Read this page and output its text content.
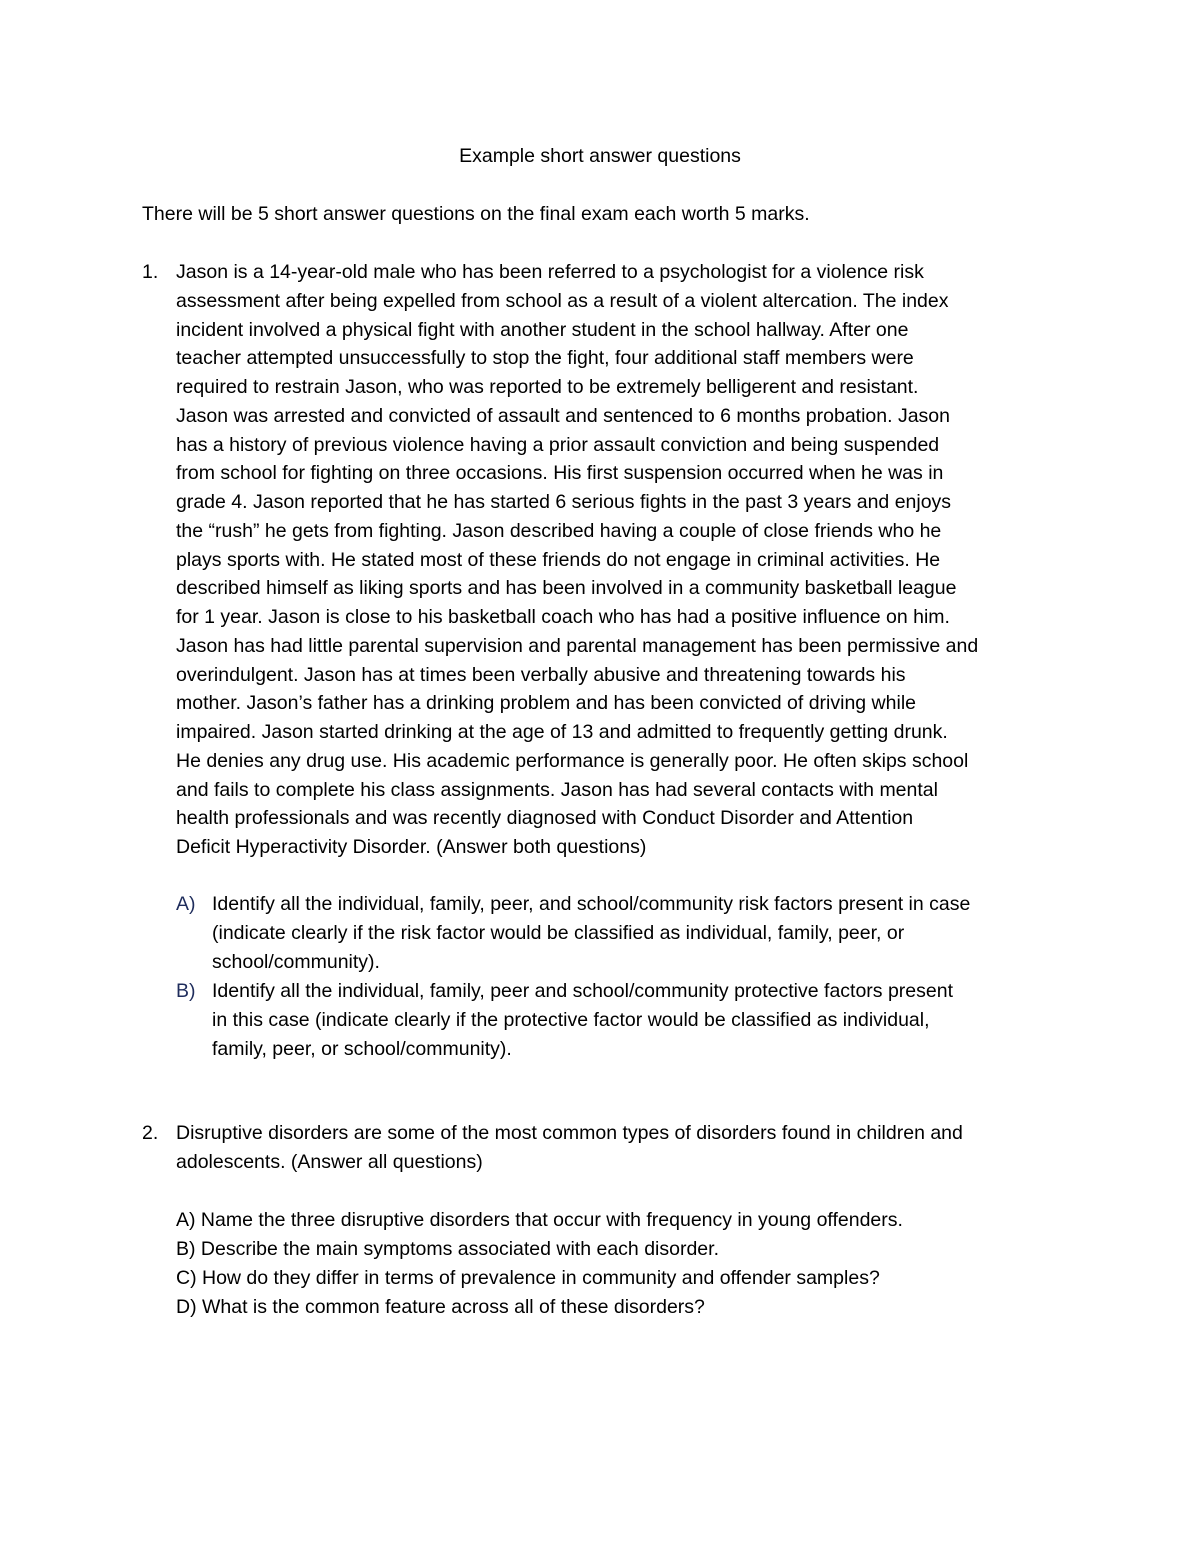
Example short answer questions
There will be 5 short answer questions on the final exam each worth 5 marks.
1. Jason is a 14-year-old male who has been referred to a psychologist for a violence risk
assessment after being expelled from school as a result of a violent altercation. The index
incident involved a physical fight with another student in the school hallway. After one
teacher attempted unsuccessfully to stop the fight, four additional staff members were
required to restrain Jason, who was reported to be extremely belligerent and resistant.
Jason was arrested and convicted of assault and sentenced to 6 months probation. Jason
has a history of previous violence having a prior assault conviction and being suspended
from school for fighting on three occasions. His first suspension occurred when he was in
grade 4. Jason reported that he has started 6 serious fights in the past 3 years and enjoys
the “rush” he gets from fighting. Jason described having a couple of close friends who he
plays sports with. He stated most of these friends do not engage in criminal activities. He
described himself as liking sports and has been involved in a community basketball league
for 1 year. Jason is close to his basketball coach who has had a positive influence on him.
Jason has had little parental supervision and parental management has been permissive and
overindulgent. Jason has at times been verbally abusive and threatening towards his
mother. Jason’s father has a drinking problem and has been convicted of driving while
impaired. Jason started drinking at the age of 13 and admitted to frequently getting drunk.
He denies any drug use. His academic performance is generally poor. He often skips school
and fails to complete his class assignments. Jason has had several contacts with mental
health professionals and was recently diagnosed with Conduct Disorder and Attention
Deficit Hyperactivity Disorder. (Answer both questions)
A) Identify all the individual, family, peer, and school/community risk factors present in case
(indicate clearly if the risk factor would be classified as individual, family, peer, or
school/community).
B) Identify all the individual, family, peer and school/community protective factors present
in this case (indicate clearly if the protective factor would be classified as individual,
family, peer, or school/community).
2. Disruptive disorders are some of the most common types of disorders found in children and
adolescents. (Answer all questions)
A) Name the three disruptive disorders that occur with frequency in young offenders.
B) Describe the main symptoms associated with each disorder.
C) How do they differ in terms of prevalence in community and offender samples?
D) What is the common feature across all of these disorders?
